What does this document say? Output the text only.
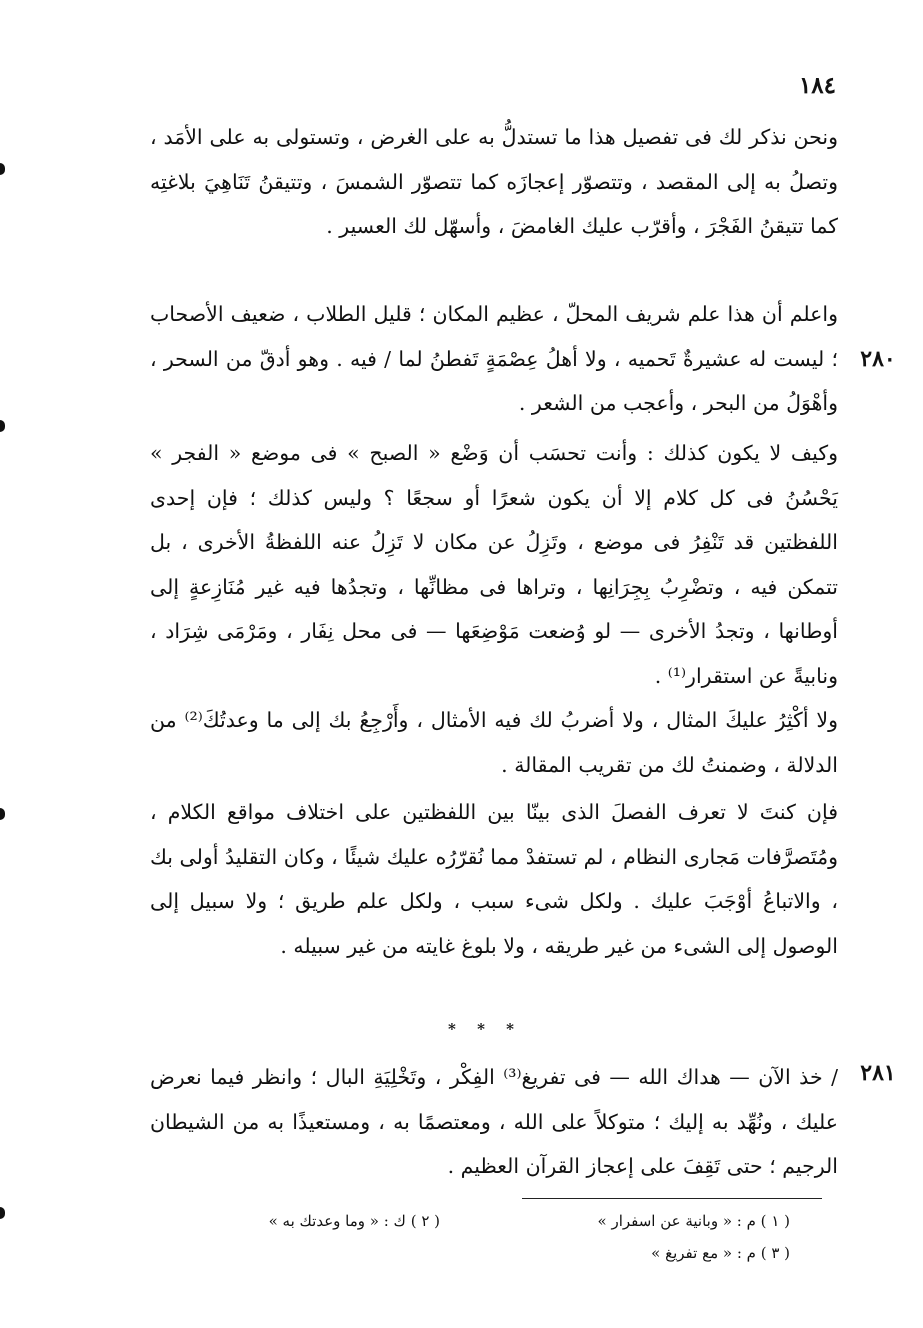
١٨٤
ونحن نذكر لك فى تفصيل هذا ما تستدلُّ به على الغرض ، وتستولى به على الأمَد ، وتصلُ به إلى المقصد ، وتتصوّر إعجازَه كما تتصوّر الشمسَ ، وتتيقنُ تَنَاهِيَ بلاغتِه كما تتيقنُ الفَجْرَ ، وأقرّب عليك الغامضَ ، وأسهّل لك العسير .
واعلم أن هذا علم شريف المحلّ ، عظيم المكان ؛ قليل الطلاب ، ضعيف الأصحاب ؛ ليست له عشيرةٌ تَحميه ، ولا أهلُ عِصْمَةٍ تَفطنُ لما / فيه . وهو أدقّ من السحر ، وأهْوَلُ من البحر ، وأعجب من الشعر .
٢٨٠
وكيف لا يكون كذلك : وأنت تحسَب أن وَضْع « الصبح » فى موضع « الفجر » يَحْسُنُ فى كل كلام إلا أن يكون شعرًا أو سجعًا ؟ وليس كذلك ؛ فإن إحدى اللفظتين قد تَنْفِرُ فى موضع ، وتَزِلُ عن مكان لا تَزِلُ عنه اللفظةُ الأخرى ، بل تتمكن فيه ، وتضْرِبُ بِجِرَانِها ، وتراها فى مظانِّها ، وتجدُها فيه غير مُنَازِعةٍ إلى أوطانها ، وتجدُ الأخرى — لو وُضعت مَوْضِعَها — فى محل نِفَار ، ومَرْمَى شِرَاد ، ونابيةً عن استقرار⁽¹⁾ .
ولا أكْثِرُ عليكَ المثال ، ولا أضربُ لك فيه الأمثال ، وأَرْجِعُ بك إلى ما وعدتُكَ⁽²⁾ من الدلالة ، وضمنتُ لك من تقريب المقالة .
فإن كنتَ لا تعرف الفصلَ الذى بينّا بين اللفظتين على اختلاف مواقع الكلام ، ومُتَصرَّفات مَجارى النظام ، لم تستفدْ مما نُقرّرُه عليك شيئًا ، وكان التقليدُ أولى بك ، والاتباعُ أوْجَبَ عليك . ولكل شىء سبب ، ولكل علم طريق ؛ ولا سبيل إلى الوصول إلى الشىء من غير طريقه ، ولا بلوغ غايته من غير سبيله .
* * *
/ خذ الآن — هداك الله — فى تفريغ⁽³⁾ الفِكْر ، وتَخْلِيَةِ البال ؛ وانظر فيما نعرض عليك ، ونُهِّد به إليك ؛ متوكلاً على الله ، ومعتصمًا به ، ومستعيذًا به من الشيطان الرجيم ؛ حتى تَقِفَ على إعجاز القرآن العظيم .
٢٨١
( ١ ) م : « وبانية عن اسفرار »
( ٢ ) ك : « وما وعدتك به »
( ٣ ) م : « مع تفريغ »
